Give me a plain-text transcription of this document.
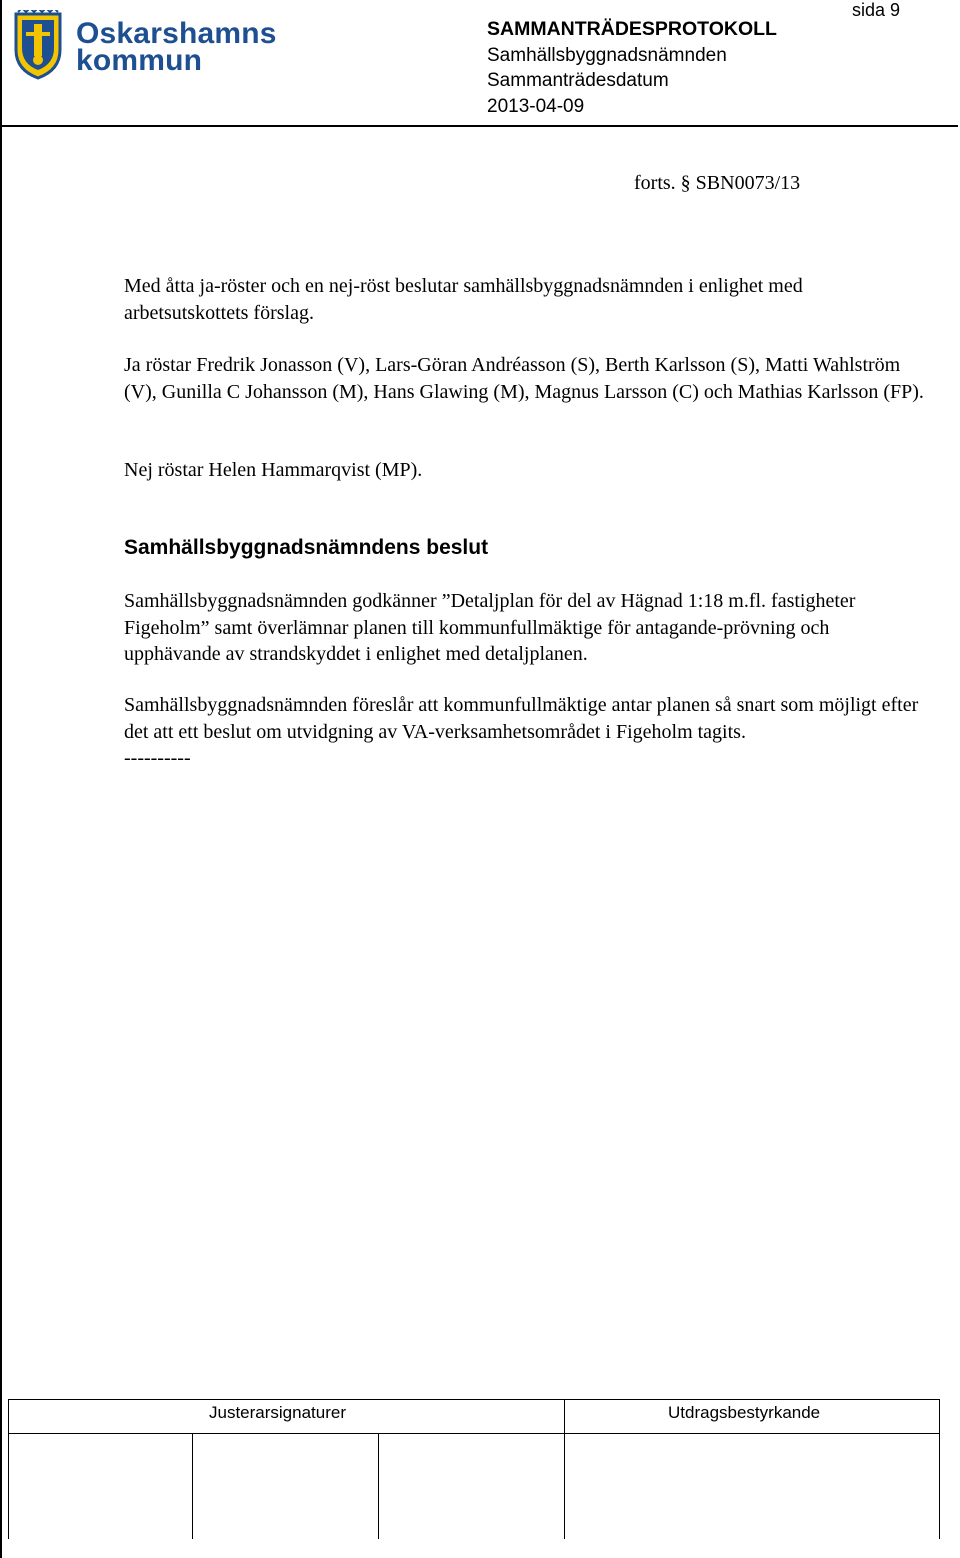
sida 9
Oskarshamns
kommun
SAMMANTRÄDESPROTOKOLL
Samhällsbyggnadsnämnden
Sammanträdesdatum
2013-04-09
forts. § SBN0073/13

Med åtta ja-röster och en nej-röst beslutar samhällsbyggnadsnämnden i enlighet med arbetsutskottets förslag.

Ja röstar Fredrik Jonasson (V), Lars-Göran Andréasson (S), Berth Karlsson (S), Matti Wahlström (V), Gunilla C Johansson (M), Hans Glawing (M), Magnus Larsson (C) och Mathias Karlsson (FP).

Nej röstar Helen Hammarqvist (MP).

Samhällsbyggnadsnämndens beslut

Samhällsbyggnadsnämnden godkänner ”Detaljplan för del av Hägnad 1:18 m.fl. fastigheter Figeholm” samt överlämnar planen till kommunfullmäktige för antagande-prövning och upphävande av strandskyddet i enlighet med detaljplanen.

Samhällsbyggnadsnämnden föreslår att kommunfullmäktige antar planen så snart som möjligt efter det att ett beslut om utvidgning av VA-verksamhetsområdet i Figeholm tagits.

----------

Justerarsignaturer	Utdragsbestyrkande
